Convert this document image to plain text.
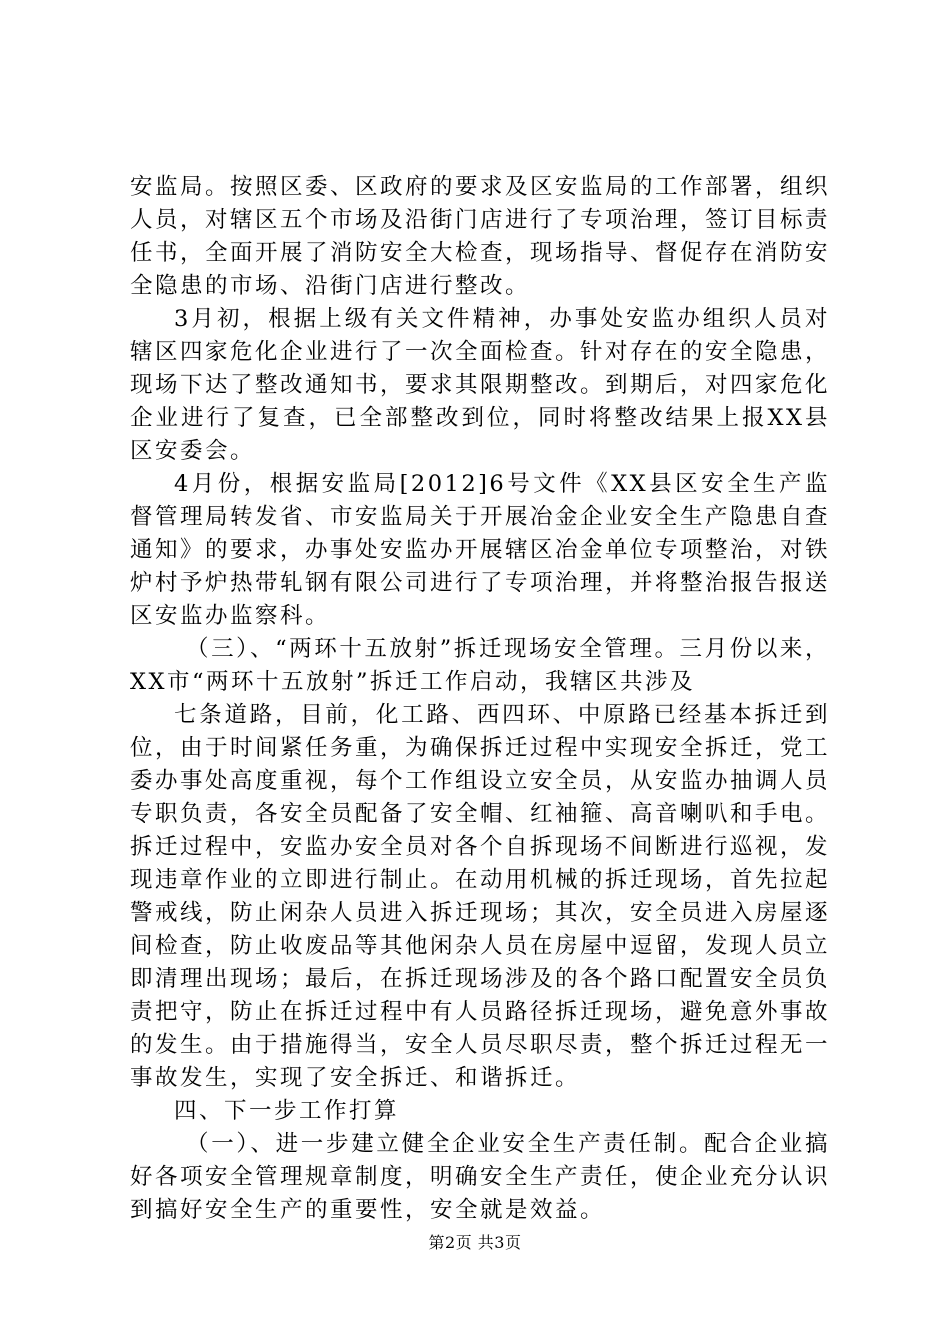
安监局。按照区委、区政府的要求及区安监局的工作部署，组织人员，对辖区五个市场及沿街门店进行了专项治理，签订目标责任书，全面开展了消防安全大检查，现场指导、督促存在消防安全隐患的市场、沿街门店进行整改。

3月初，根据上级有关文件精神，办事处安监办组织人员对辖区四家危化企业进行了一次全面检查。针对存在的安全隐患，现场下达了整改通知书，要求其限期整改。到期后，对四家危化企业进行了复查，已全部整改到位，同时将整改结果上报XX县区安委会。

4月份，根据安监局[2012]6号文件《XX县区安全生产监督管理局转发省、市安监局关于开展冶金企业安全生产隐患自查通知》的要求，办事处安监办开展辖区冶金单位专项整治，对铁炉村予炉热带轧钢有限公司进行了专项治理，并将整治报告报送区安监办监察科。

（三）、“两环十五放射”拆迁现场安全管理。三月份以来，XX市“两环十五放射”拆迁工作启动，我辖区共涉及

七条道路，目前，化工路、西四环、中原路已经基本拆迁到位，由于时间紧任务重，为确保拆迁过程中实现安全拆迁，党工委办事处高度重视，每个工作组设立安全员，从安监办抽调人员专职负责，各安全员配备了安全帽、红袖箍、高音喇叭和手电。拆迁过程中，安监办安全员对各个自拆现场不间断进行巡视，发现违章作业的立即进行制止。在动用机械的拆迁现场，首先拉起警戒线，防止闲杂人员进入拆迁现场；其次，安全员进入房屋逐间检查，防止收废品等其他闲杂人员在房屋中逗留，发现人员立即清理出现场；最后，在拆迁现场涉及的各个路口配置安全员负责把守，防止在拆迁过程中有人员路径拆迁现场，避免意外事故的发生。由于措施得当，安全人员尽职尽责，整个拆迁过程无一事故发生，实现了安全拆迁、和谐拆迁。

四、下一步工作打算

（一）、进一步建立健全企业安全生产责任制。配合企业搞好各项安全管理规章制度，明确安全生产责任，使企业充分认识到搞好安全生产的重要性，安全就是效益。

第2页 共3页
